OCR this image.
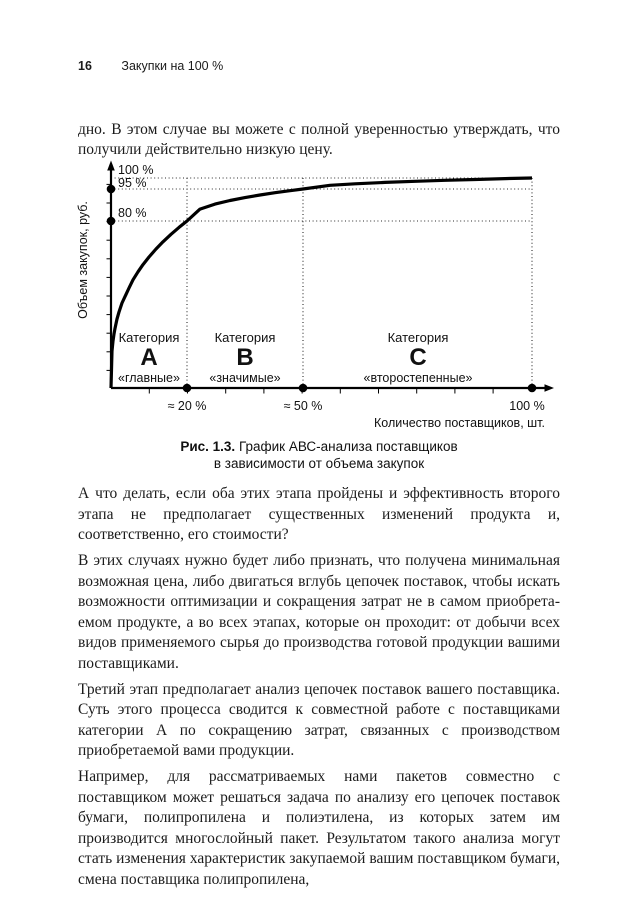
16 Закупки на 100 %

дно. В этом случае вы можете с полной уверенностью утверждать, что получили действительно низкую цену.

100 %
95 %
80 %
≈ 20 %	≈ 50 %	100 %
Количество поставщиков, шт.
Объем закупок, руб.
Категория
A
«главные»
Категория
B
«значимые»
Категория
C
«второстепенные»
Рис. 1.3. График АВС-анализа поставщиков
в зависимости от объема закупок

А что делать, если оба этих этапа пройдены и эффективность второго этапа не предполагает существенных изменений продукта и, соответственно, его стоимости?

В этих случаях нужно будет либо признать, что получена минимальная возможная цена, либо двигаться вглубь цепочек поставок, чтобы искать возможности оптимизации и сокращения затрат не в самом приобретаемом продукте, а во всех этапах, которые он проходит: от добычи всех видов применяемого сырья до производства готовой продукции вашими поставщиками.

Третий этап предполагает анализ цепочек поставок вашего поставщика. Суть этого процесса сводится к совместной работе с поставщиками категории А по сокращению затрат, связанных с производством приобретаемой вами продукции.

Например, для рассматриваемых нами пакетов совместно с поставщиком может решаться задача по анализу его цепочек поставок бумаги, полипропилена и полиэтилена, из которых затем им производится многослойный пакет. Результатом такого анализа могут стать изменения характеристик закупаемой вашим поставщиком бумаги, смена поставщика полипропилена,
